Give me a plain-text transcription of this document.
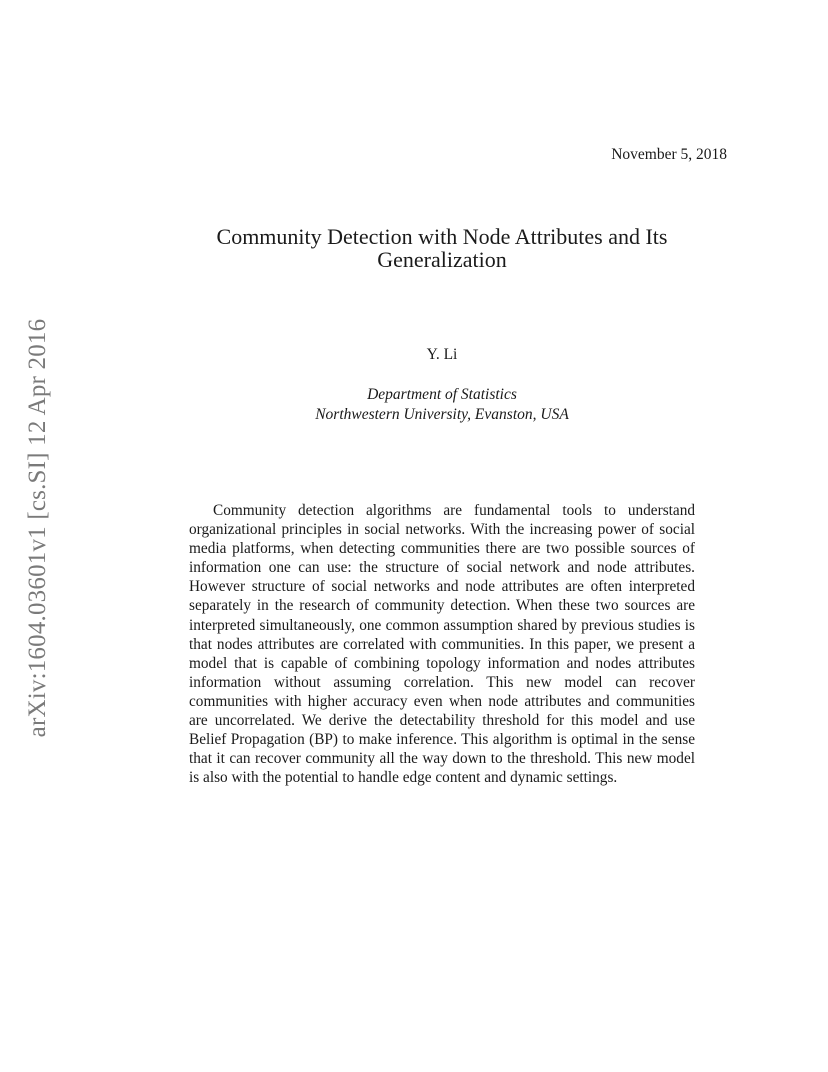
arXiv:1604.03601v1 [cs.SI] 12 Apr 2016
November 5, 2018
Community Detection with Node Attributes and Its Generalization
Y. Li
Department of Statistics
Northwestern University, Evanston, USA

Community detection algorithms are fundamental tools to understand organizational principles in social networks. With the increasing power of social media platforms, when detecting communities there are two possible sources of information one can use: the structure of social network and node attributes. However structure of social networks and node attributes are often interpreted separately in the research of community detection. When these two sources are interpreted simultaneously, one common assumption shared by previous studies is that nodes attributes are correlated with communities. In this paper, we present a model that is capable of combining topology information and nodes attributes information without assuming correlation. This new model can recover communities with higher accuracy even when node attributes and communities are uncorrelated. We derive the detectability threshold for this model and use Belief Propagation (BP) to make inference. This algorithm is optimal in the sense that it can recover community all the way down to the threshold. This new model is also with the potential to handle edge content and dynamic settings.
